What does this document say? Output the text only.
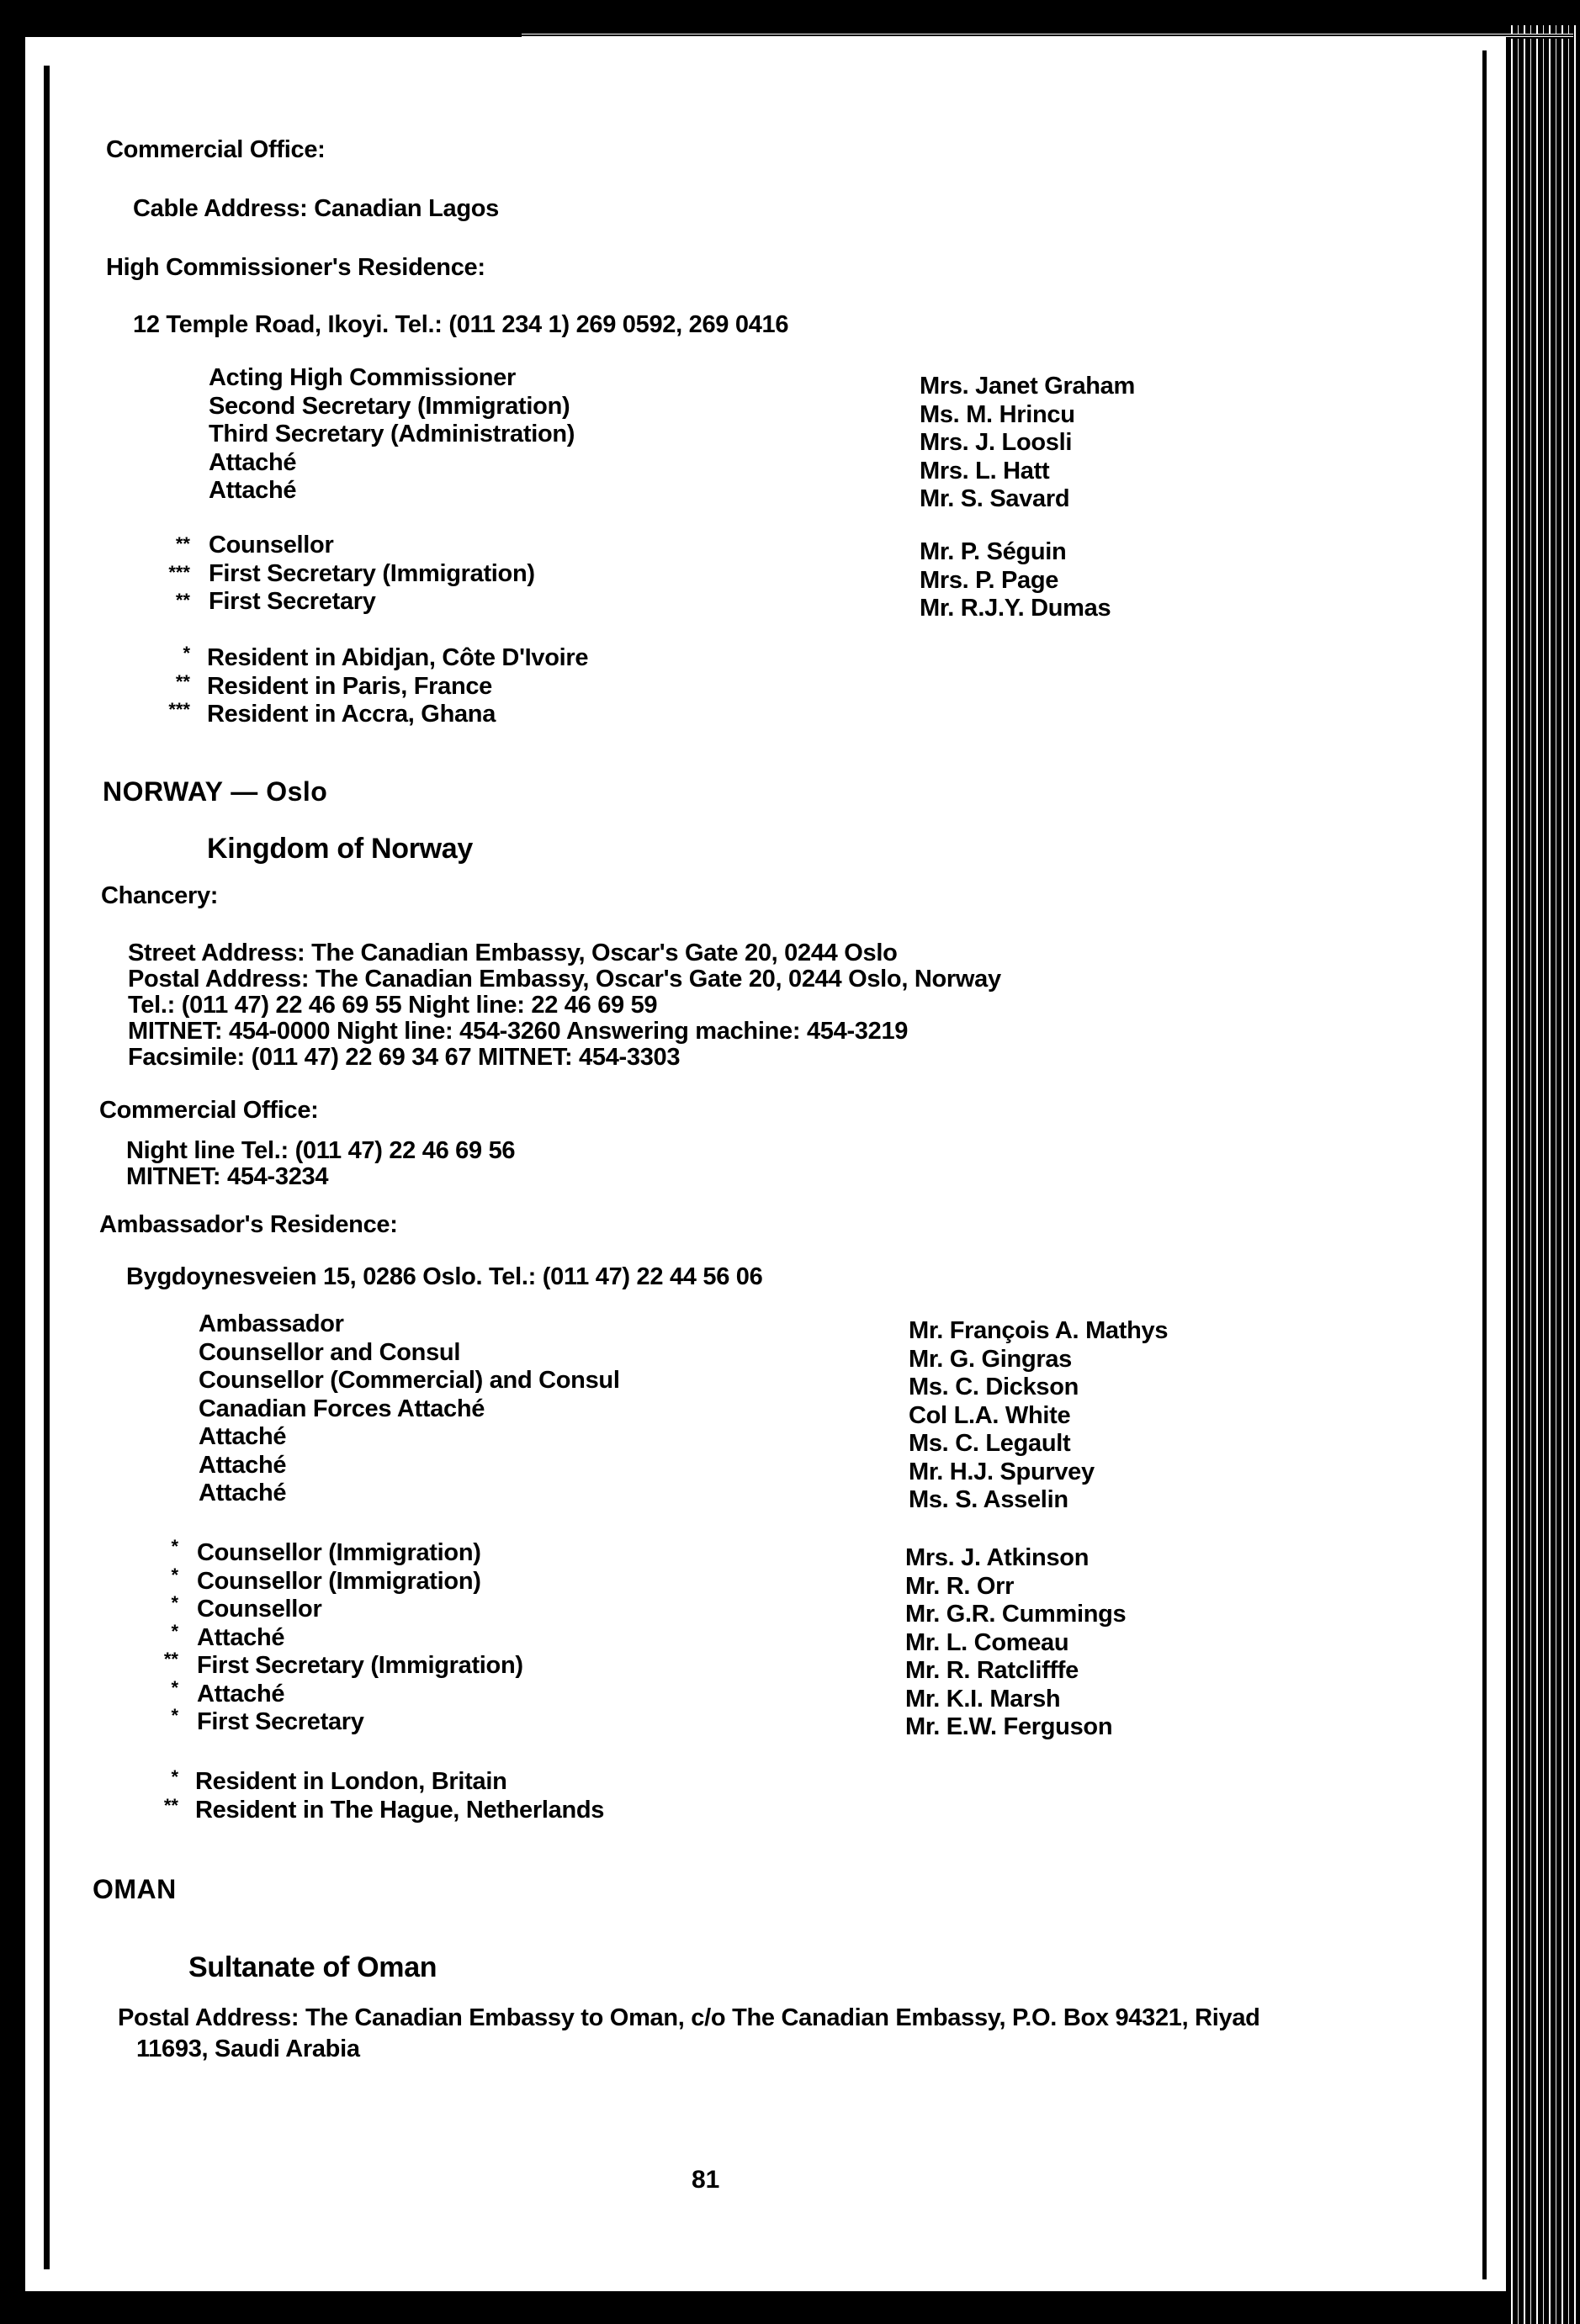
Commercial Office:
Cable Address: Canadian Lagos
High Commissioner's Residence:
12 Temple Road, Ikoyi. Tel.: (011 234 1) 269 0592, 269 0416
Acting High Commissioner
Second Secretary (Immigration)
Third Secretary (Administration)
Attaché
Attaché
Mrs. Janet Graham
Ms. M. Hrincu
Mrs. J. Loosli
Mrs. L. Hatt
Mr. S. Savard
**
***
**
Counsellor
First Secretary (Immigration)
First Secretary
Mr. P. Séguin
Mrs. P. Page
Mr. R.J.Y. Dumas
*
**
***
Resident in Abidjan, Côte D'Ivoire
Resident in Paris, France
Resident in Accra, Ghana
NORWAY — Oslo
Kingdom of Norway
Chancery:
Street Address: The Canadian Embassy, Oscar's Gate 20, 0244 Oslo
Postal Address: The Canadian Embassy, Oscar's Gate 20, 0244 Oslo, Norway
Tel.: (011 47) 22 46 69 55 Night line: 22 46 69 59
MITNET: 454-0000 Night line: 454-3260 Answering machine: 454-3219
Facsimile: (011 47) 22 69 34 67 MITNET: 454-3303
Commercial Office:
Night line Tel.: (011 47) 22 46 69 56
MITNET: 454-3234
Ambassador's Residence:
Bygdoynesveien 15, 0286 Oslo. Tel.: (011 47) 22 44 56 06
Ambassador
Counsellor and Consul
Counsellor (Commercial) and Consul
Canadian Forces Attaché
Attaché
Attaché
Attaché
Mr. François A. Mathys
Mr. G. Gingras
Ms. C. Dickson
Col L.A. White
Ms. C. Legault
Mr. H.J. Spurvey
Ms. S. Asselin
*
*
*
*
**
*
*
Counsellor (Immigration)
Counsellor (Immigration)
Counsellor
Attaché
First Secretary (Immigration)
Attaché
First Secretary
Mrs. J. Atkinson
Mr. R. Orr
Mr. G.R. Cummings
Mr. L. Comeau
Mr. R. Ratclifffe
Mr. K.I. Marsh
Mr. E.W. Ferguson
*
**
Resident in London, Britain
Resident in The Hague, Netherlands
OMAN
Sultanate of Oman
Postal Address: The Canadian Embassy to Oman, c/o The Canadian Embassy, P.O. Box 94321, Riyad
11693, Saudi Arabia
81
